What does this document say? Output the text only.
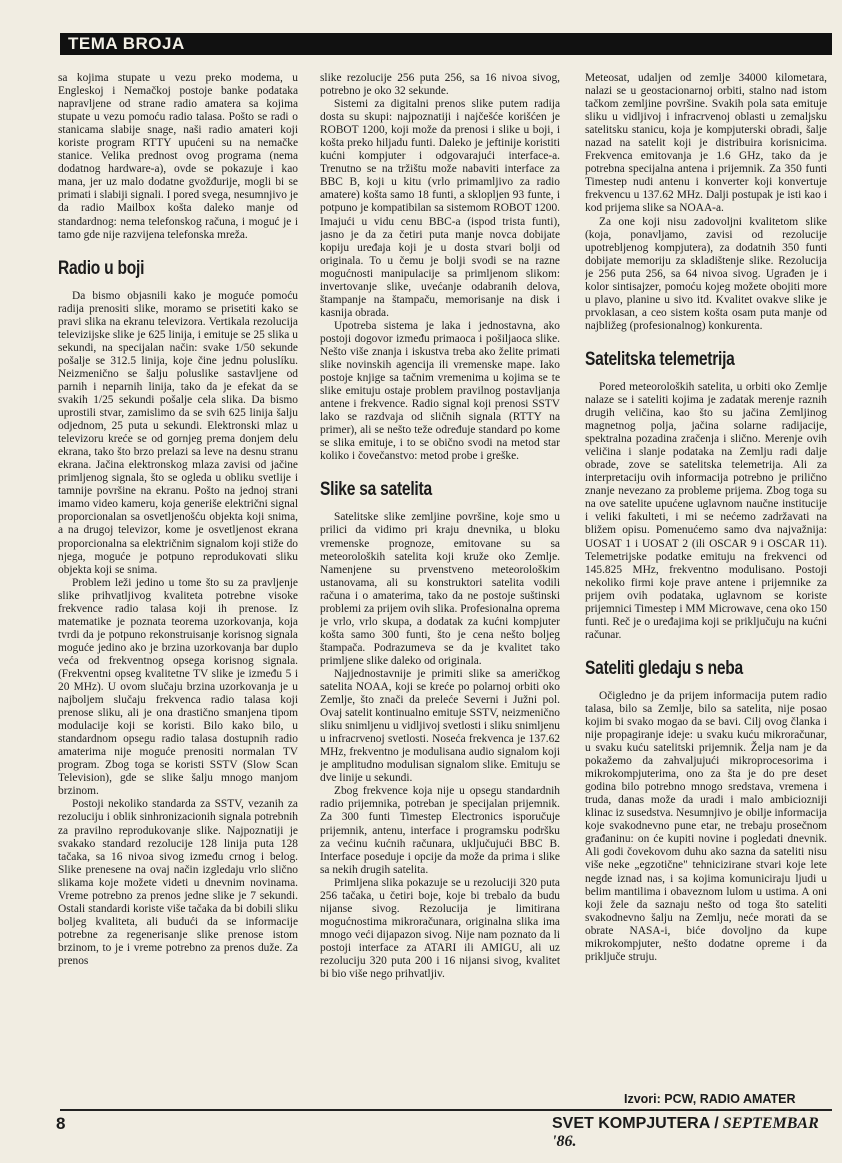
TEMA BROJA

sa kojima stupate u vezu preko modema, u Engleskoj i Nemačkoj postoje banke podataka napravljene od strane radio amatera sa kojima stupate u vezu pomoću radio talasa. Pošto se radi o stanicama slabije snage, naši radio amateri koji koriste program RTTY upućeni su na nemačke stanice. Velika prednost ovog programa (nema dodatnog hardware-a), ovde se pokazuje i kao mana, jer uz malo dodatne gvožđurije, mogli bi se primati i slabiji signali. I pored svega, nesumnjivo je da radio Mailbox košta daleko manje od standardnog: nema telefonskog računa, i moguć je i tamo gde nije razvijena telefonska mreža.

Radio u boji

Da bismo objasnili kako je moguće pomoću radija prenositi slike, moramo se prisetiti kako se pravi slika na ekranu televizora. Vertikala rezolucija televizijske slike je 625 linija, i emituje se 25 slika u sekundi, na specijalan način: svake 1/50 sekunde pošalje se 312.5 linija, koje čine jednu poluslíku. Neizmenično se šalju poluslike sastavljene od parnih i neparnih linija, tako da je efekat da se svakih 1/25 sekundi pošalje cela slika. Da bismo uprostili stvar, zamislimo da se svih 625 linija šalju odjednom, 25 puta u sekundi. Elektronski mlaz u televizoru kreće se od gornjeg prema donjem delu ekrana, tako što brzo prelazi sa leve na desnu stranu ekrana. Jačina elektronskog mlaza zavisi od jačine primljenog signala, što se ogleda u obliku svetlije i tamnije površine na ekranu. Pošto na jednoj strani imamo video kameru, koja generiše električni signal proporcionalan sa osvetljenošću objekta koji snima, a na drugoj televizor, kome je osvetljenost ekrana proporcionalna sa električnim signalom koji stiže do njega, moguće je potpuno reprodukovati sliku objekta koji se snima.

Problem leži jedino u tome što su za pravljenje slike prihvatljivog kvaliteta potrebne visoke frekvence radio talasa koji ih prenose. Iz matematike je poznata teorema uzorkovanja, koja tvrdi da je potpuno rekonstruisanje korisnog signala moguće jedino ako je brzina uzorkovanja bar duplo veća od frekventnog opsega korisnog signala. (Frekventni opseg kvalitetne TV slike je između 5 i 20 MHz). U ovom slučaju brzina uzorkovanja je u najboljem slučaju frekvenca radio talasa koji prenose sliku, ali je ona drastično smanjena tipom modulacije koji se koristi. Bilo kako bilo, u standardnom opsegu radio talasa dostupnih radio amaterima nije moguće prenositi normalan TV program. Zbog toga se koristi SSTV (Slow Scan Television), gde se slike šalju mnogo manjom brzinom.

Postoji nekoliko standarda za SSTV, vezanih za rezoluciju i oblik sinhronizacionih signala potrebnih za pravilno reprodukovanje slike. Najpoznatiji je svakako standard rezolucije 128 linija puta 128 tačaka, sa 16 nivoa sivog između crnog i belog. Slike prenesene na ovaj način izgledaju vrlo slično slikama koje možete videti u dnevnim novinama. Vreme potrebno za prenos jedne slike je 7 sekundi. Ostali standardi koriste više tačaka da bi dobili sliku boljeg kvaliteta, ali budući da se informacije potrebne za regenerisanje slike prenose istom brzinom, to je i vreme potrebno za prenos duže. Za prenos

slike rezolucije 256 puta 256, sa 16 nivoa sivog, potrebno je oko 32 sekunde.

Sistemi za digitalni prenos slike putem radija dosta su skupi: najpoznatiji i najčešće korišćen je ROBOT 1200, koji može da prenosi i slike u boji, i košta preko hiljadu funti. Daleko je jeftinije koristiti kućni kompjuter i odgovarajući interface-a. Trenutno se na tržištu može nabaviti interface za BBC B, koji u kitu (vrlo primamljivo za radio amatere) košta samo 18 funti, a sklopljen 93 funte, i potpuno je kompatibilan sa sistemom ROBOT 1200. Imajući u vidu cenu BBC-a (ispod trista funti), jasno je da za četiri puta manje novca dobijate kopiju uređaja koji je u dosta stvari bolji od originala. To u čemu je bolji svodi se na razne mogućnosti manipulacije sa primljenom slikom: invertovanje slike, uvećanje odabranih delova, štampanje na štampaču, memorisanje na disk i kasnija obrada.

Upotreba sistema je laka i jednostavna, ako postoji dogovor između primaoca i pošiljaoca slike. Nešto više znanja i iskustva treba ako želite primati slike novinskih agencija ili vremenske mape. Iako postoje knjige sa tačnim vremenima u kojima se te slike emituju ostaje problem pravilnog postavljanja antene i frekvence. Radio signal koji prenosi SSTV lako se razdvaja od sličnih signala (RTTY na primer), ali se nešto teže određuje standard po kome se slika emituje, i to se obično svodi na metod star koliko i čovečanstvo: metod probe i greške.

Slike sa satelita

Satelitske slike zemljine površine, koje smo u prilici da vidimo pri kraju dnevnika, u bloku vremenske prognoze, emitovane su sa meteoroloških satelita koji kruže oko Zemlje. Namenjene su prvenstveno meteorološkim ustanovama, ali su konstruktori satelita vodili računa i o amaterima, tako da ne postoje suštinski problemi za prijem ovih slika. Profesionalna oprema je vrlo, vrlo skupa, a dodatak za kućni kompjuter košta samo 300 funti, što je cena nešto boljeg štampača. Podrazumeva se da je kvalitet tako primljene slike daleko od originala.

Najjednostavnije je primiti slike sa američkog satelita NOAA, koji se kreće po polarnoj orbiti oko Zemlje, što znači da preleće Severni i Južni pol. Ovaj satelit kontinualno emituje SSTV, neizmenično sliku snimljenu u vidljivoj svetlosti i sliku snimljenu u infracrvenoj svetlosti. Noseća frekvenca je 137.62 MHz, frekventno je modulisana audio signalom koji je amplitudno modulisan signalom slike. Emituju se dve linije u sekundi.

Zbog frekvence koja nije u opsegu standardnih radio prijemnika, potreban je specijalan prijemnik. Za 300 funti Timestep Electronics isporučuje prijemnik, antenu, interface i programsku podršku za većinu kućnih računara, uključujući BBC B. Interface poseduje i opcije da može da prima i slike sa nekih drugih satelita.

Primljena slika pokazuje se u rezoluciji 320 puta 256 tačaka, u četiri boje, koje bi trebalo da budu nijanse sivog. Rezolucija je limitirana mogućnostima mikroračunara, originalna slika ima mnogo veći dijapazon sivog. Nije nam poznato da li postoji interface za ATARI ili AMIGU, ali uz rezoluciju 320 puta 200 i 16 nijansi sivog, kvalitet bi bio više nego prihvatljiv.

Meteosat, udaljen od zemlje 34000 kilometara, nalazi se u geostacionarnoj orbiti, stalno nad istom tačkom zemljine površine. Svakih pola sata emituje sliku u vidljivoj i infracrvenoj oblasti u zemaljsku satelitsku stanicu, koja je kompjuterski obradi, šalje nazad na satelit koji je distribuira korisnicima. Frekvenca emitovanja je 1.6 GHz, tako da je potrebna specijalna antena i prijemnik. Za 350 funti Timestep nudi antenu i konverter koji konvertuje frekvencu u 137.62 MHz. Dalji postupak je isti kao i kod prijema slike sa NOAA-a.

Za one koji nisu zadovoljni kvalitetom slike (koja, ponavljamo, zavisi od rezolucije upotrebljenog kompjutera), za dodatnih 350 funti dobijate memoriju za skladištenje slike. Rezolucija je 256 puta 256, sa 64 nivoa sivog. Ugrađen je i kolor sintisajzer, pomoću kojeg možete obojiti more u plavo, planine u sivo itd. Kvalitet ovakve slike je prvoklasan, a ceo sistem košta osam puta manje od najbližeg (profesionalnog) konkurenta.

Satelitska telemetrija

Pored meteoroloških satelita, u orbiti oko Zemlje nalaze se i sateliti kojima je zadatak merenje raznih drugih veličina, kao što su jačina Zemljinog magnetnog polja, jačina solarne radijacije, spektralna pozadina zračenja i slično. Merenje ovih veličina i slanje podataka na Zemlju radi dalje obrade, zove se satelitska telemetrija. Ali za interpretaciju ovih informacija potrebno je prilično znanje nevezano za probleme prijema. Zbog toga su na ove satelite upućene uglavnom naučne institucije i veliki fakulteti, i mi se nećemo zadržavati na bližem opisu. Pomenućemo samo dva najvažnija: UOSAT 1 i UOSAT 2 (ili OSCAR 9 i OSCAR 11). Telemetrijske podatke emituju na frekvenci od 145.825 MHz, frekventno modulisano. Postoji nekoliko firmi koje prave antene i prijemnike za prijem ovih podataka, uglavnom se koriste prijemnici Timestep i MM Microwave, cena oko 150 funti. Reč je o uređajima koji se priključuju na kućni računar.

Sateliti gledaju s neba

Očigledno je da prijem informacija putem radio talasa, bilo sa Zemlje, bilo sa satelita, nije posao kojim bi svako mogao da se bavi. Cilj ovog članka i nije propagiranje ideje: u svaku kuću mikroračunar, u svaku kuću satelitski prijemnik. Želja nam je da pokažemo da zahvaljujući mikroprocesorima i mikrokompjuterima, ono za šta je do pre deset godina bilo potrebno mnogo sredstava, vremena i truda, danas može da uradi i malo ambiciozniji klinac iz susedstva. Nesumnjivo je obilje informacija koje svakodnevno pune etar, ne trebaju prosečnom građaninu: on će kupiti novine i pogledati dnevnik. Ali godi čovekovom duhu ako sazna da sateliti nisu više neke „egzotične" tehnicizirane stvari koje lete negde iznad nas, i sa kojima komuniciraju ljudi u belim mantilima i obaveznom lulom u ustima. A oni koji žele da saznaju nešto od toga što sateliti svakodnevno šalju na Zemlju, neće morati da se obrate NASA-i, biće dovoljno da kupe mikrokompjuter, nešto dodatne opreme i da priključe struju.

Izvori: PCW, RADIO AMATER
8	SVET KOMPJUTERA / SEPTEMBAR '86.
